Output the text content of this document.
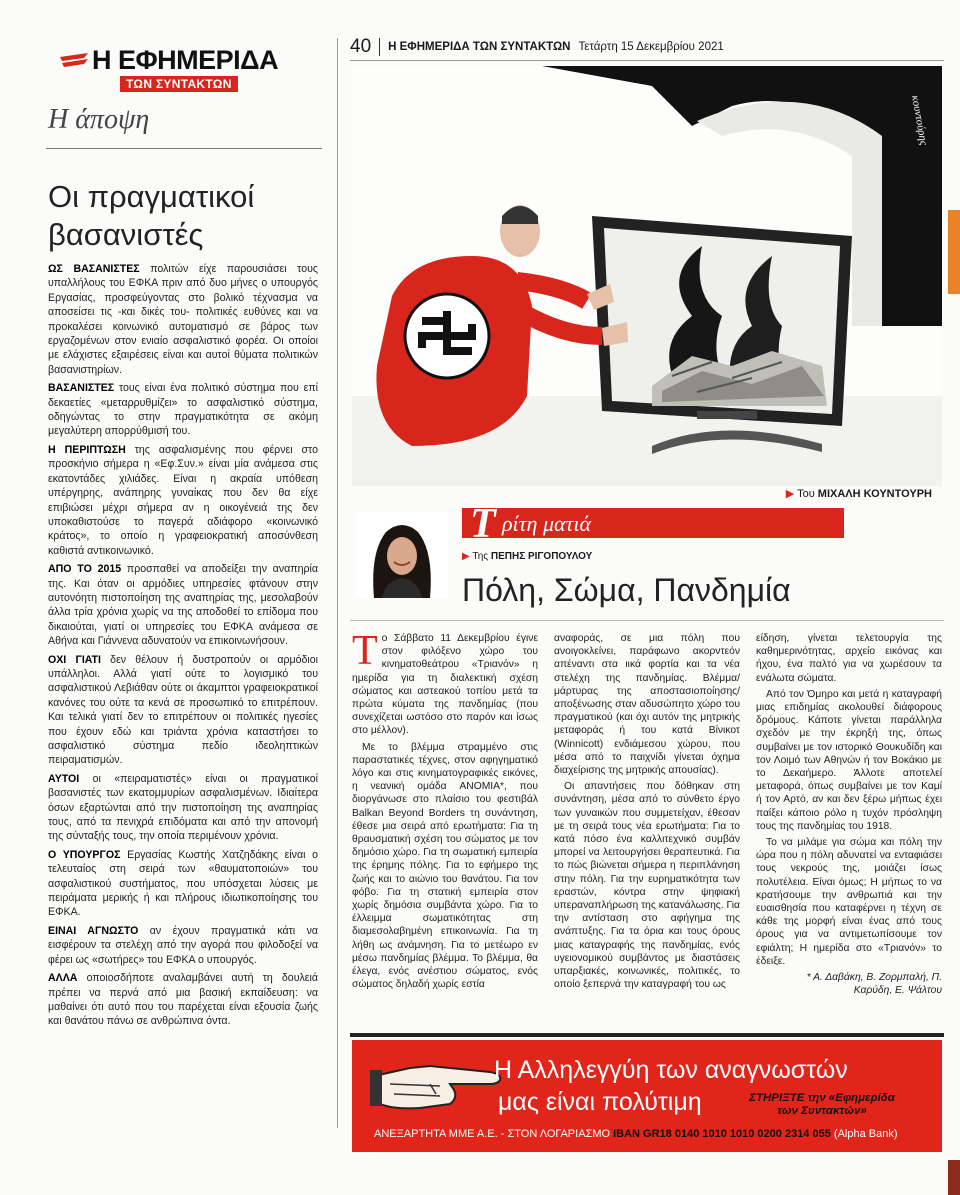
Η ΕΦΗΜΕΡΙΔΑ
ΤΩΝ ΣΥΝΤΑΚΤΩΝ
Η άποψη
Οι πραγματικοί βασανιστές

ΩΣ ΒΑΣΑΝΙΣΤΕΣ πολιτών είχε παρουσιάσει τους υπαλλήλους του ΕΦΚΑ πριν από δυο μήνες ο υπουργός Εργασίας, προσφεύγοντας στο βολικό τέχνασμα να αποσείσει τις -και δικές του- πολιτικές ευθύνες και να προκαλέσει κοινωνικό αυτοματισμό σε βάρος των εργαζομένων στον ενιαίο ασφαλιστικό φορέα. Οι οποίοι με ελάχιστες εξαιρέσεις είναι και αυτοί θύματα πολιτικών βασανιστηρίων.

ΒΑΣΑΝΙΣΤΕΣ τους είναι ένα πολιτικό σύστημα που επί δεκαετίες «μεταρρυθμίζει» το ασφαλιστικό σύστημα, οδηγώντας το στην πραγματικότητα σε ακόμη μεγαλύτερη απορρύθμισή του.

Η ΠΕΡΙΠΤΩΣΗ της ασφαλισμένης που φέρνει στο προσκήνιο σήμερα η «Εφ.Συν.» είναι μία ανάμεσα στις εκατοντάδες χιλιάδες. Είναι η ακραία υπόθεση υπέργηρης, ανάπηρης γυναίκας που δεν θα είχε επιβιώσει μέχρι σήμερα αν η οικογένειά της δεν υποκαθιστούσε το παγερά αδιάφορο «κοινωνικό κράτος», το οποίο η γραφειοκρατική αποσύνθεση καθιστά αντικοινωνικό.

ΑΠΟ ΤΟ 2015 προσπαθεί να αποδείξει την αναπηρία της. Και όταν οι αρμόδιες υπηρεσίες φτάνουν στην αυτονόητη πιστοποίηση της αναπηρίας της, μεσολαβούν άλλα τρία χρόνια χωρίς να της αποδοθεί το επίδομα που δικαιούται, γιατί οι υπηρεσίες του ΕΦΚΑ ανάμεσα σε Αθήνα και Γιάννενα αδυνατούν να επικοινωνήσουν.

ΟΧΙ ΓΙΑΤΙ δεν θέλουν ή δυστροπούν οι αρμόδιοι υπάλληλοι. Αλλά γιατί ούτε το λογισμικό του ασφαλιστικού Λεβιάθαν ούτε οι άκαμπτοι γραφειοκρατικοί κανόνες του ούτε τα κενά σε προσωπικό το επιτρέπουν. Και τελικά γιατί δεν το επιτρέπουν οι πολιτικές ηγεσίες που έχουν εδώ και τριάντα χρόνια καταστήσει το ασφαλιστικό σύστημα πεδίο ιδεοληπτικών πειραματισμών.

ΑΥΤΟΙ οι «πειραματιστές» είναι οι πραγματικοί βασανιστές των εκατομμυρίων ασφαλισμένων. Ιδιαίτερα όσων εξαρτώνται από την πιστοποίηση της αναπηρίας τους, από τα πενιχρά επιδόματα και από την απονομή της σύνταξής τους, την οποία περιμένουν χρόνια.

Ο ΥΠΟΥΡΓΟΣ Εργασίας Κωστής Χατζηδάκης είναι ο τελευταίος στη σειρά των «θαυματοποιών» του ασφαλιστικού συστήματος, που υπόσχεται λύσεις με πειράματα μερικής ή και πλήρους ιδιωτικοποίησης του ΕΦΚΑ.

ΕΙΝΑΙ ΑΓΝΩΣΤΟ αν έχουν πραγματικά κάτι να εισφέρουν τα στελέχη από την αγορά που φιλοδοξεί να φέρει ως «σωτήρες» του ΕΦΚΑ ο υπουργός.

ΑΛΛΑ οποιοσδήποτε αναλαμβάνει αυτή τη δουλειά πρέπει να περνά από μια βασική εκπαίδευση: να μαθαίνει ότι αυτό που του παρέχεται είναι εξουσία ζωής και θανάτου πάνω σε ανθρώπινα όντα.

40 Η ΕΦΗΜΕΡΙΔΑ ΤΩΝ ΣΥΝΤΑΚΤΩΝ Τετάρτη 15 Δεκεμβρίου 2021
κουντούρης
▶ Του ΜΙΧΑΛΗ ΚΟΥΝΤΟΥΡΗ
Τ ρίτη ματιά
▶ Της ΠΕΠΗΣ ΡΙΓΟΠΟΥΛΟΥ
Πόλη, Σώμα, Πανδημία

Το Σάββατο 11 Δεκεμβρίου έγινε στον φιλόξενο χώρο του κινηματοθεάτρου «Τριανόν» η ημερίδα για τη διαλεκτική σχέση σώματος και αστεακού τοπίου μετά τα πρώτα κύματα της πανδημίας (που συνεχίζεται ωστόσο στο παρόν και ίσως στο μέλλον).

Με το βλέμμα στραμμένο στις παραστατικές τέχνες, στον αφηγηματικό λόγο και στις κινηματογραφικές εικόνες, η νεανική ομάδα ANOMIA*, που διοργάνωσε στο πλαίσιο του φεστιβάλ Balkan Beyond Borders τη συνάντηση, έθεσε μια σειρά από ερωτήματα: Για τη θραυσματική σχέση του σώματος με τον δημόσιο χώρο. Για τη σωματική εμπειρία της έρημης πόλης. Για το εφήμερο της ζωής και το αιώνιο του θανάτου. Για τον φόβο. Για τη στατική εμπειρία στον χωρίς δημόσια συμβάντα χώρο. Για το έλλειμμα σωματικότητας στη διαμεσολαβημένη επικοινωνία. Για τη λήθη ως ανάμνηση. Για το μετέωρο εν μέσω πανδημίας βλέμμα. Το βλέμμα, θα έλεγα, ενός ανέστιου σώματος, ενός σώματος δηλαδή χωρίς εστία

αναφοράς, σε μια πόλη που ανοιγοκλείνει, παράφωνο ακορντεόν απέναντι στα ιικά φορτία και τα νέα στελέχη της πανδημίας. Βλέμμα/μάρτυρας της αποστασιοποίησης/αποξένωσης σταν αδυσώπητο χώρο του πραγματικού (και όχι αυτόν της μητρικής μεταφοράς ή του κατά Βίνικοτ (Winnicott) ενδιάμεσου χώρου, που μέσα από το παιχνίδι γίνεται όχημα διαχείρισης της μητρικής απουσίας).

Οι απαντήσεις που δόθηκαν στη συνάντηση, μέσα από το σύνθετο έργο των γυναικών που συμμετείχαν, έθεσαν με τη σειρά τους νέα ερωτήματα: Για το κατά πόσο ένα καλλιτεχνικό συμβάν μπορεί να λειτουργήσει θεραπευτικά. Για το πώς βιώνεται σήμερα η περιπλάνηση στην πόλη. Για την ευρηματικότητα των εραστών, κόντρα στην ψηφιακή υπεραναπλήρωση της κατανάλωσης. Για την αντίσταση στο αφήγημα της ανάπτυξης. Για τα όρια και τους όρους μιας καταγραφής της πανδημίας, ενός υγειονομικού συμβάντος με διαστάσεις υπαρξιακές, κοινωνικές, πολιτικές, το οποίο ξεπερνά την καταγραφή του ως

είδηση, γίνεται τελετουργία της καθημερινότητας, αρχείο εικόνας και ήχου, ένα παλτό για να χωρέσουν τα ενάλωτα σώματα.

Από τον Όμηρο και μετά η καταγραφή μιας επιδημίας ακολουθεί διάφορους δρόμους. Κάποτε γίνεται παράλληλα σχεδόν με την έκρηξή της, όπως συμβαίνει με τον ιστορικό Θουκυδίδη και τον Λοιμό των Αθηνών ή τον Βοκάκιο με το Δεκαήμερο. Άλλοτε αποτελεί μεταφορά, όπως συμβαίνει με τον Καμί ή τον Αρτό, αν και δεν ξέρω μήπως έχει παίξει κάποιο ρόλο η τυχόν πρόσληψη τους της πανδημίας του 1918.

Το να μιλάμε για σώμα και πόλη την ώρα που η πόλη αδυνατεί να ενταφιάσει τους νεκρούς της, μοιάζει ίσως πολυτέλεια. Είναι όμως; Η μήπως το να κρατήσουμε την ανθρωπιά και την ευαισθησία που καταφέρνει η τέχνη σε κάθε της μορφή είναι ένας από τους όρους για να αντιμετωπίσουμε τον εφιάλτη; Η ημερίδα στο «Τριανόν» το έδειξε.

* Α. Δαβάκη, Β. Ζορμπαλή, Π. Καρύδη, Ε. Ψάλτου

Η Αλληλεγγύη των αναγνωστών
μας είναι πολύτιμη	ΣΤΗΡΙΞΤΕ την «Εφημερίδα
των Συντακτών»
ΑΝΕΞΑΡΤΗΤΑ ΜΜΕ Α.Ε. - ΣΤΟΝ ΛΟΓΑΡΙΑΣΜΟ IBAN GR18 0140 1010 1010 0200 2314 055 (Alpha Bank)
